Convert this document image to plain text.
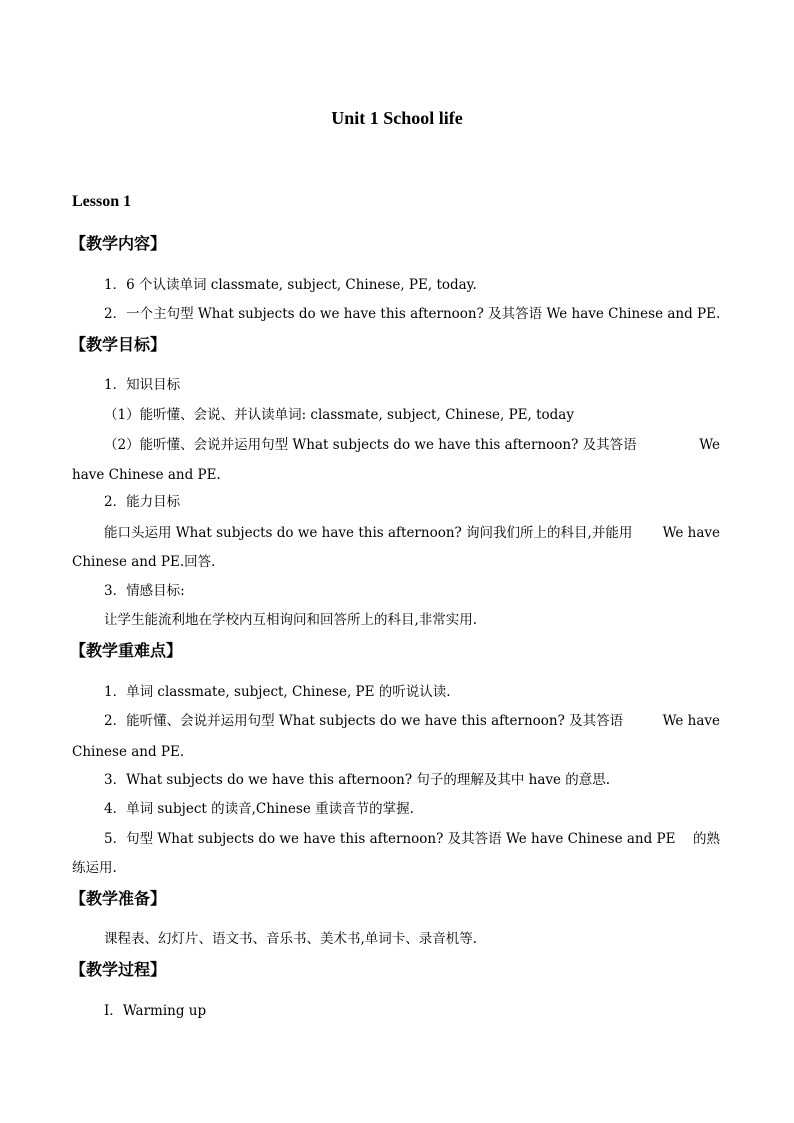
Unit 1 School life
Lesson 1
【教学内容】
1．6 个认读单词 classmate, subject, Chinese, PE, today.
2．一个主句型 What subjects do we have this afternoon? 及其答语 We have Chinese and PE.
【教学目标】
1．知识目标
（1）能听懂、会说、并认读单词: classmate, subject, Chinese, PE, today
（2）能听懂、会说并运用句型 What subjects do we have this afternoon? 及其答语	We
have Chinese and PE.
2．能力目标
能口头运用 What subjects do we have this afternoon? 询问我们所上的科目,并能用 We have
Chinese and PE.回答.
3．情感目标:
让学生能流利地在学校内互相询问和回答所上的科目,非常实用.
【教学重难点】
1．单词 classmate, subject, Chinese, PE 的听说认读.
2．能听懂、会说并运用句型 What subjects do we have this afternoon? 及其答语	We have
Chinese and PE.
3．What subjects do we have this afternoon? 句子的理解及其中 have 的意思.
4．单词 subject 的读音,Chinese 重读音节的掌握.
5．句型 What subjects do we have this afternoon? 及其答语 We have Chinese and PE 的熟
练运用.
【教学准备】
课程表、幻灯片、语文书、音乐书、美术书,单词卡、录音机等.
【教学过程】
Ⅰ．Warming up
